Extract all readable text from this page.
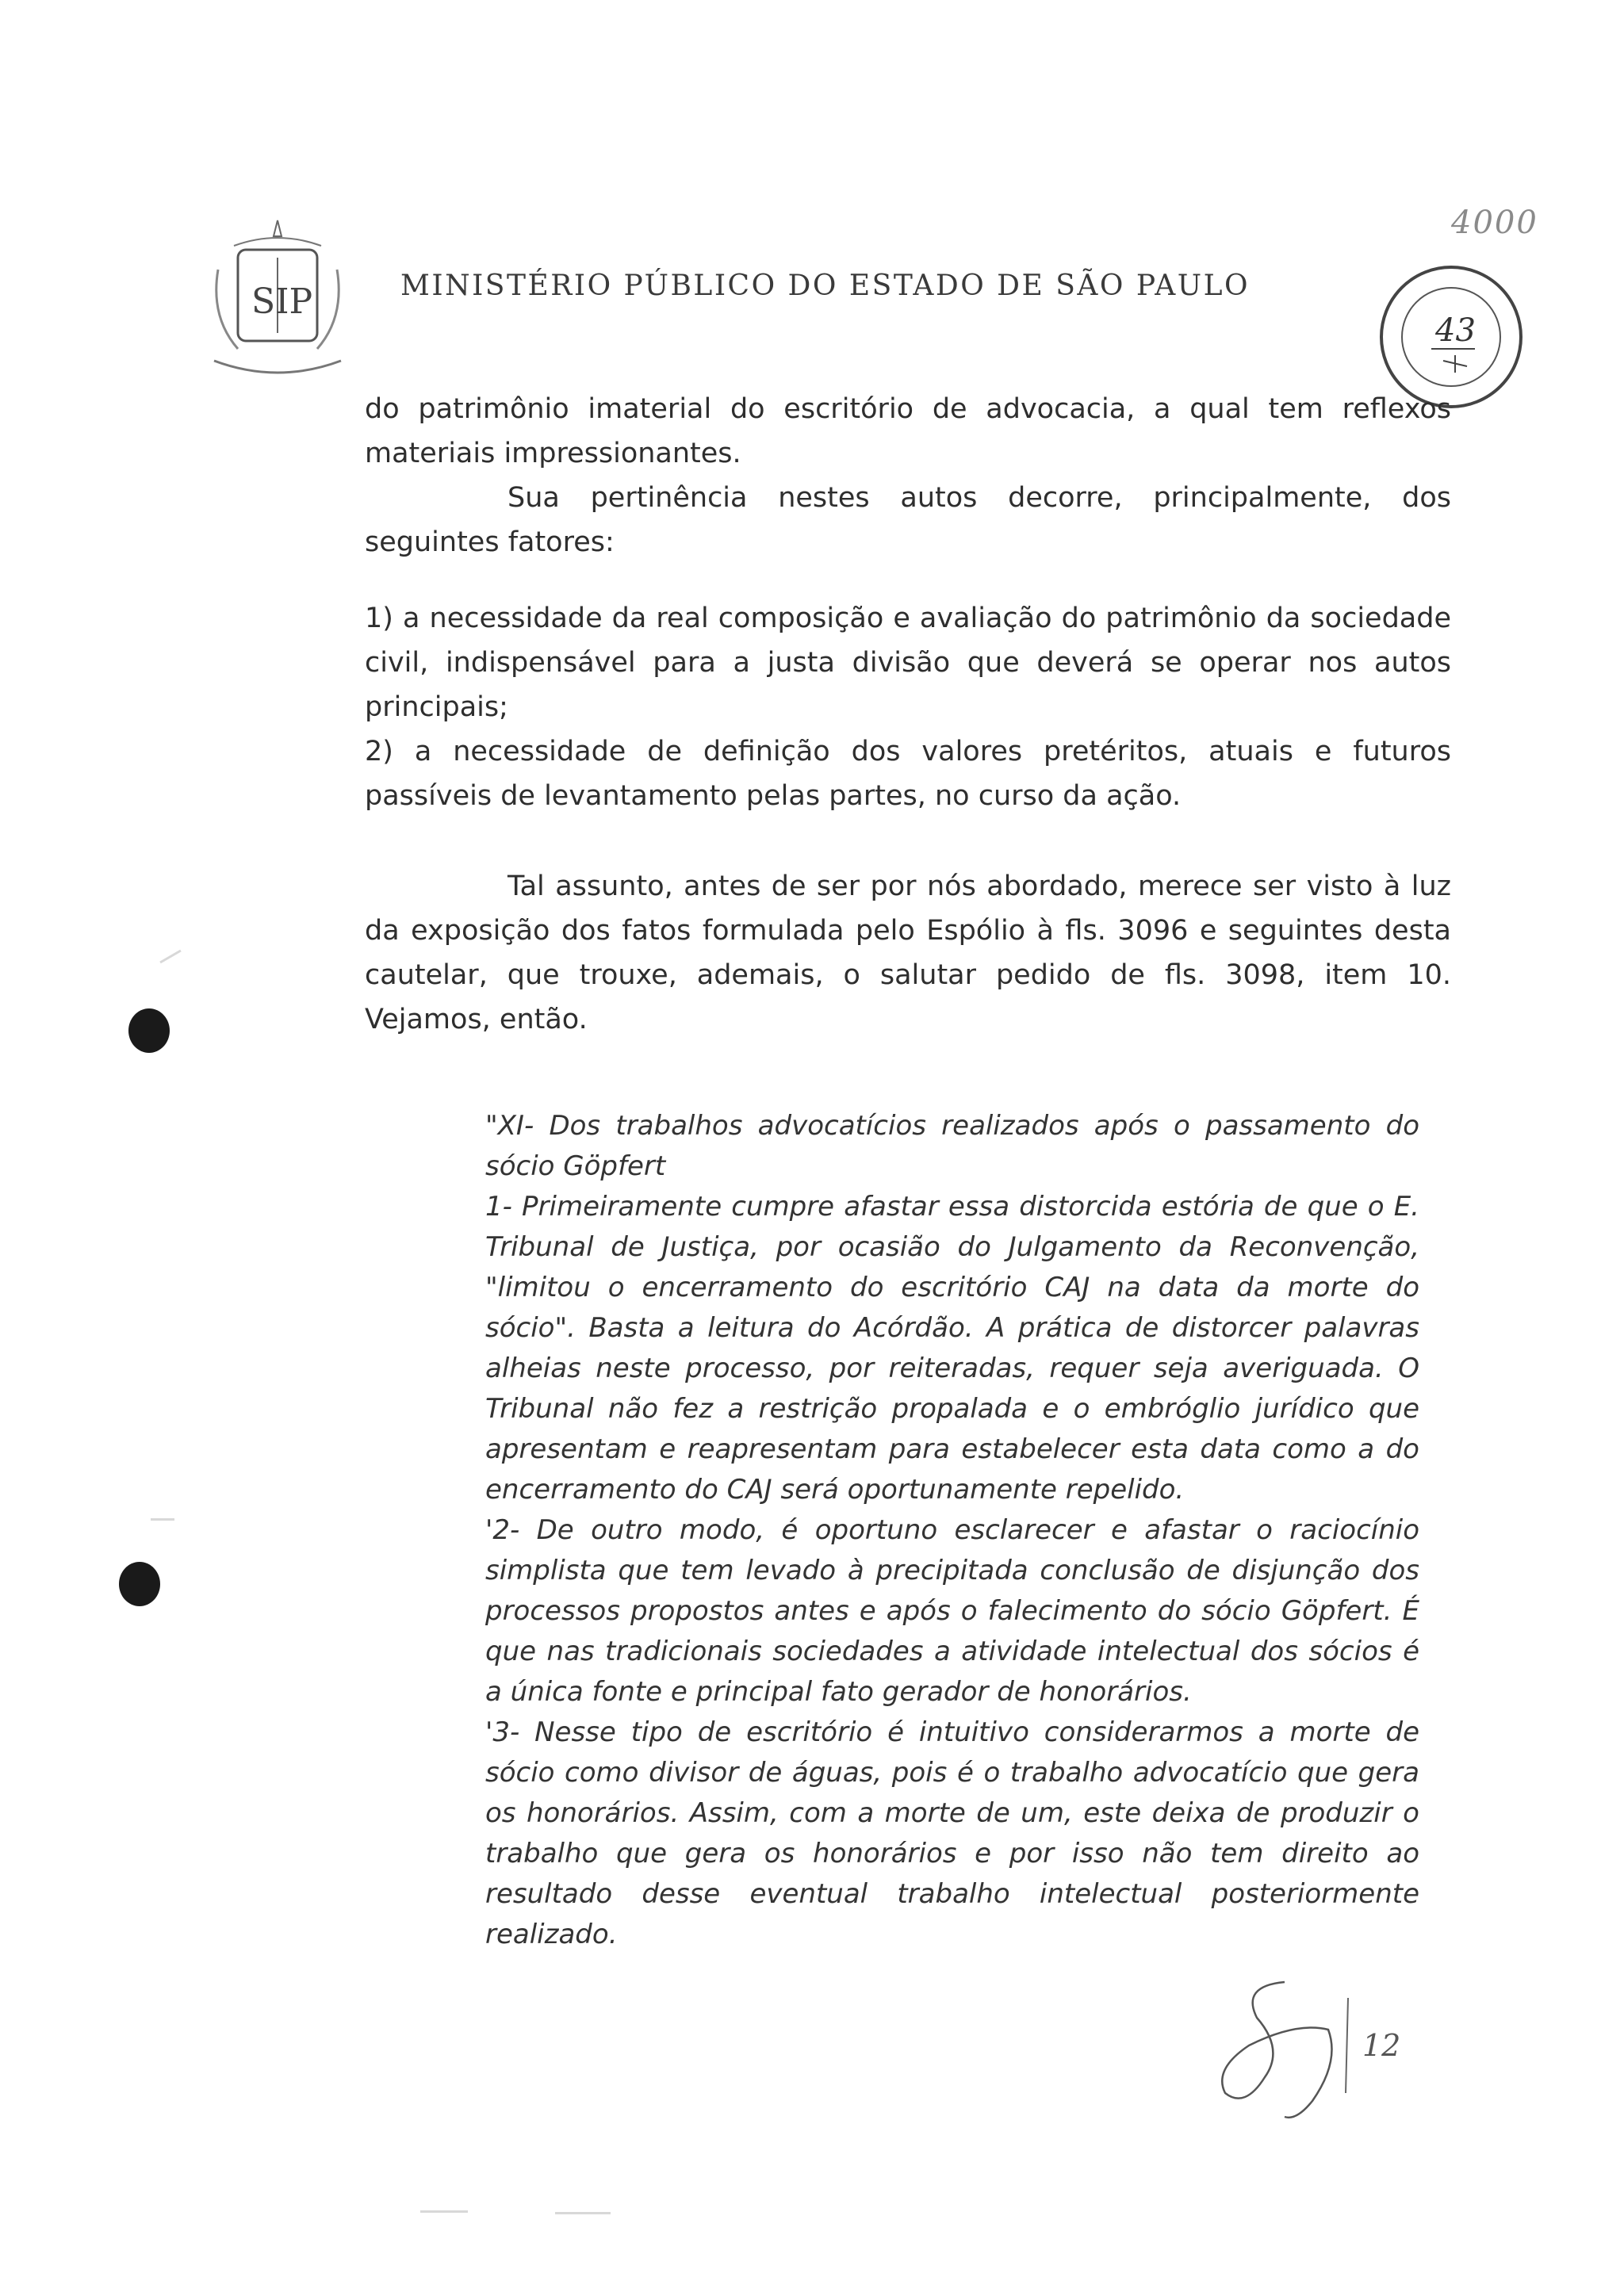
SIP	MINISTÉRIO PÚBLICO DO ESTADO DE SÃO PAULO
4000
43

do patrimônio imaterial do escritório de advocacia, a qual tem reflexos materiais impressionantes.

Sua pertinência nestes autos decorre, principalmente, dos seguintes fatores:

1) a necessidade da real composição e avaliação do patrimônio da sociedade civil, indispensável para a justa divisão que deverá se operar nos autos principais;

2) a necessidade de definição dos valores pretéritos, atuais e futuros passíveis de levantamento pelas partes, no curso da ação.

Tal assunto, antes de ser por nós abordado, merece ser visto à luz da exposição dos fatos formulada pelo Espólio à fls. 3096 e seguintes desta cautelar, que trouxe, ademais, o salutar pedido de fls. 3098, item 10. Vejamos, então.

"XI- Dos trabalhos advocatícios realizados após o passamento do sócio Göpfert

1- Primeiramente cumpre afastar essa distorcida estória de que o E. Tribunal de Justiça, por ocasião do Julgamento da Reconvenção, "limitou o encerramento do escritório CAJ na data da morte do sócio". Basta a leitura do Acórdão. A prática de distorcer palavras alheias neste processo, por reiteradas, requer seja averiguada. O Tribunal não fez a restrição propalada e o embróglio jurídico que apresentam e reapresentam para estabelecer esta data como a do encerramento do CAJ será oportunamente repelido.

'2- De outro modo, é oportuno esclarecer e afastar o raciocínio simplista que tem levado à precipitada conclusão de disjunção dos processos propostos antes e após o falecimento do sócio Göpfert. É que nas tradicionais sociedades a atividade intelectual dos sócios é a única fonte e principal fato gerador de honorários.

'3- Nesse tipo de escritório é intuitivo considerarmos a morte de sócio como divisor de águas, pois é o trabalho advocatício que gera os honorários. Assim, com a morte de um, este deixa de produzir o trabalho que gera os honorários e por isso não tem direito ao resultado desse eventual trabalho intelectual posteriormente realizado.

12
